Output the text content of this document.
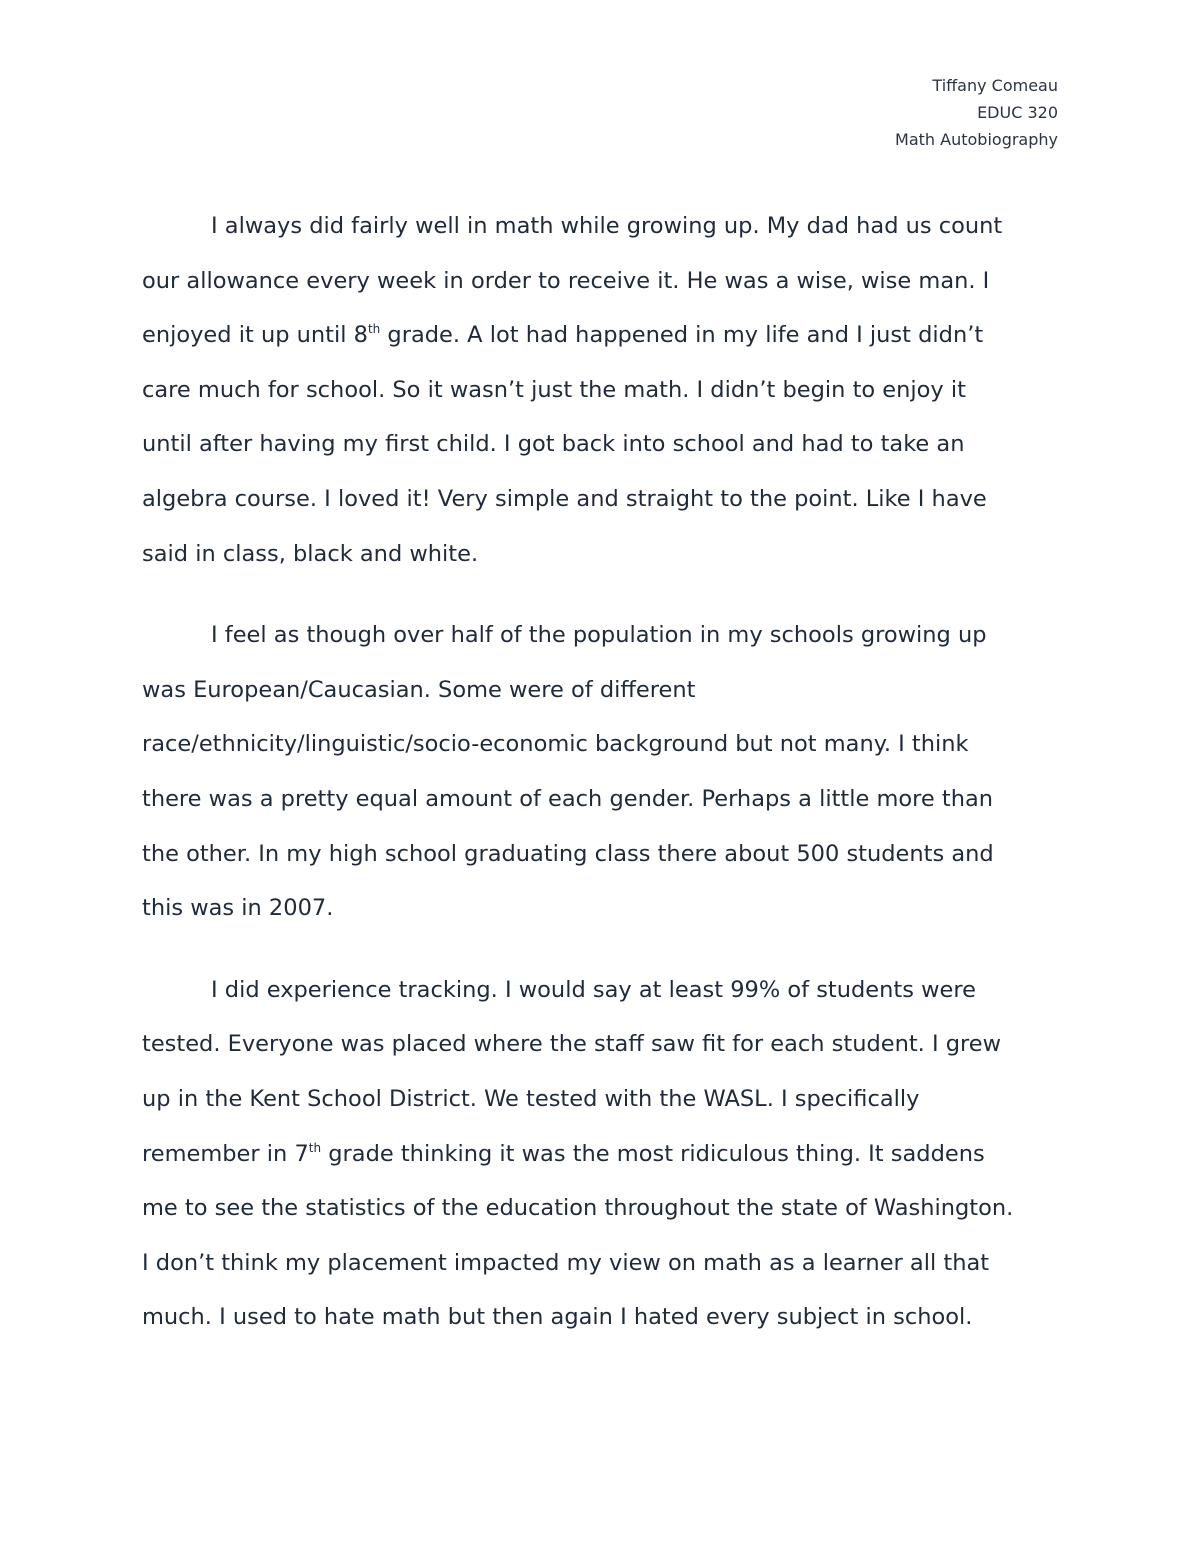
Tiffany Comeau
EDUC 320
Math Autobiography

I always did fairly well in math while growing up. My dad had us count
our allowance every week in order to receive it. He was a wise, wise man. I
enjoyed it up until 8th grade. A lot had happened in my life and I just didn’t
care much for school. So it wasn’t just the math. I didn’t begin to enjoy it
until after having my first child. I got back into school and had to take an
algebra course. I loved it! Very simple and straight to the point. Like I have
said in class, black and white.

I feel as though over half of the population in my schools growing up
was European/Caucasian. Some were of different
race/ethnicity/linguistic/socio-economic background but not many. I think
there was a pretty equal amount of each gender. Perhaps a little more than
the other. In my high school graduating class there about 500 students and
this was in 2007.

I did experience tracking. I would say at least 99% of students were
tested. Everyone was placed where the staff saw fit for each student. I grew
up in the Kent School District. We tested with the WASL. I specifically
remember in 7th grade thinking it was the most ridiculous thing. It saddens
me to see the statistics of the education throughout the state of Washington.
I don’t think my placement impacted my view on math as a learner all that
much. I used to hate math but then again I hated every subject in school.
